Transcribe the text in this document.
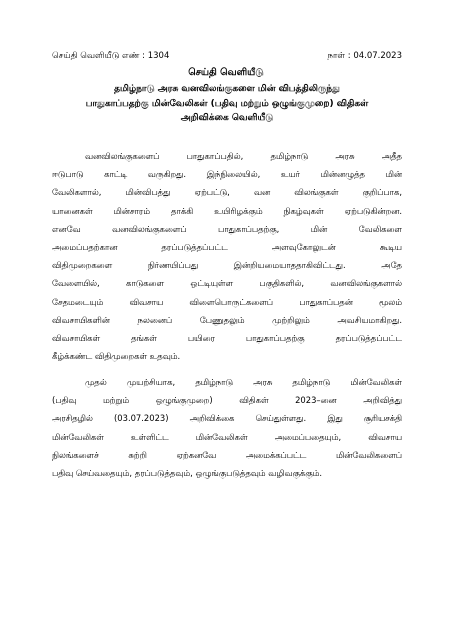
செய்தி வெளியீடு எண் : 1304	நாள் : 04.07.2023
செய்தி வெளியீடு
தமிழ்நாடு அரசு வனவிலங்குகளை மின் விபத்திலிருந்து
பாதுகாப்பதற்கு மின்வேலிகள் (பதிவு மற்றும் ஒழுங்குமுறை) விதிகள்
அறிவிக்கை வெளியீடு
வனவிலங்குகளைப் பாதுகாப்பதில், தமிழ்நாடு அரசு அதீத
ஈடுபாடு காட்டி வருகிறது. இந்நிலையில், உயர் மின்னழுத்த மின்
வேலிகளால், மின்விபத்து ஏற்பட்டு, வன விலங்குகள் குறிப்பாக,
யானைகள் மின்சாரம் தாக்கி உயிரிழக்கும் நிகழ்வுகள் ஏற்படுகின்றன.
எனவே வனவிலங்குகளைப் பாதுகாப்பதற்கு, மின் வேலிகளை
அமைப்பதற்கான தரப்படுத்தப்பட்ட அளவுகோலுடன் கூடிய
விதிமுறைகளை நிர்ணயிப்பது இன்றியமையாததாகிவிட்டது. அதே
வேளையில், காடுகளை ஒட்டியுள்ள பகுதிகளில், வனவிலங்குகளால்
சேதமடையும் விவசாய விளைபொருட்களைப் பாதுகாப்பதன் மூலம்
விவசாயிகளின் நலனைப் பேணுதலும் முற்றிலும் அவசியமாகிறது.
விவசாயிகள் தங்கள் பயிரை பாதுகாப்பதற்கு தரப்படுத்தப்பட்ட
கீழ்க்கண்ட விதிமுறைகள் உதவும்.
முதல் முயற்சியாக, தமிழ்நாடு அரசு தமிழ்நாடு மின்வேலிகள்
(பதிவு மற்றும் ஒழுங்குமுறை) விதிகள் 2023–னை அறிவித்து
அரசிதழில் (03.07.2023) அறிவிக்கை செய்துள்ளது. இது சூரியசக்தி
மின்வேலிகள் உள்ளிட்ட மின்வேலிகள் அமைப்பதையும், விவசாய
நிலங்களைச் சுற்றி ஏற்கனவே அமைக்கப்பட்ட மின்வேலிகளைப்
பதிவு செய்வதையும், தரப்படுத்தவும், ஒழுங்குபடுத்தவும் வழிவகுக்கும்.
